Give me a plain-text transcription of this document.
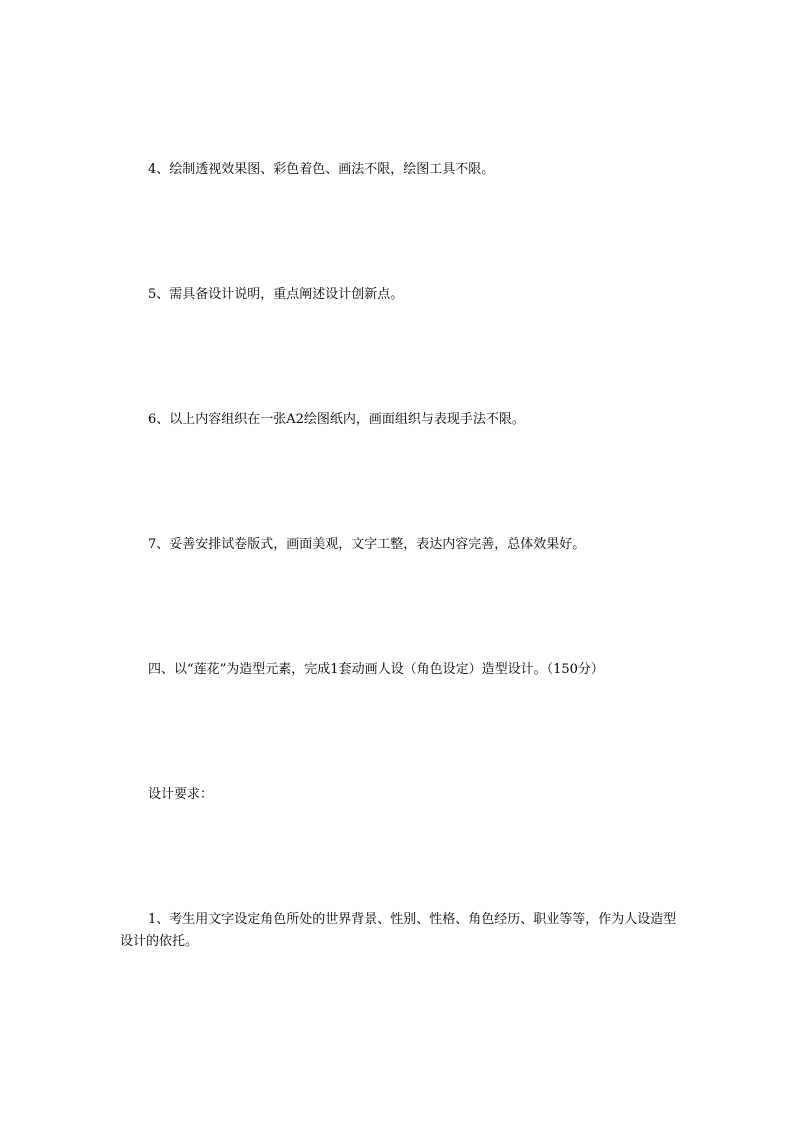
4、绘制透视效果图、彩色着色、画法不限，绘图工具不限。

5、需具备设计说明，重点阐述设计创新点。

6、以上内容组织在一张A2绘图纸内，画面组织与表现手法不限。

7、妥善安排试卷版式，画面美观，文字工整，表达内容完善，总体效果好。

四、以“莲花”为造型元素，完成1套动画人设（角色设定）造型设计。（150分）

设计要求：

1、考生用文字设定角色所处的世界背景、性别、性格、角色经历、职业等等，作为人设造型设计的依托。
